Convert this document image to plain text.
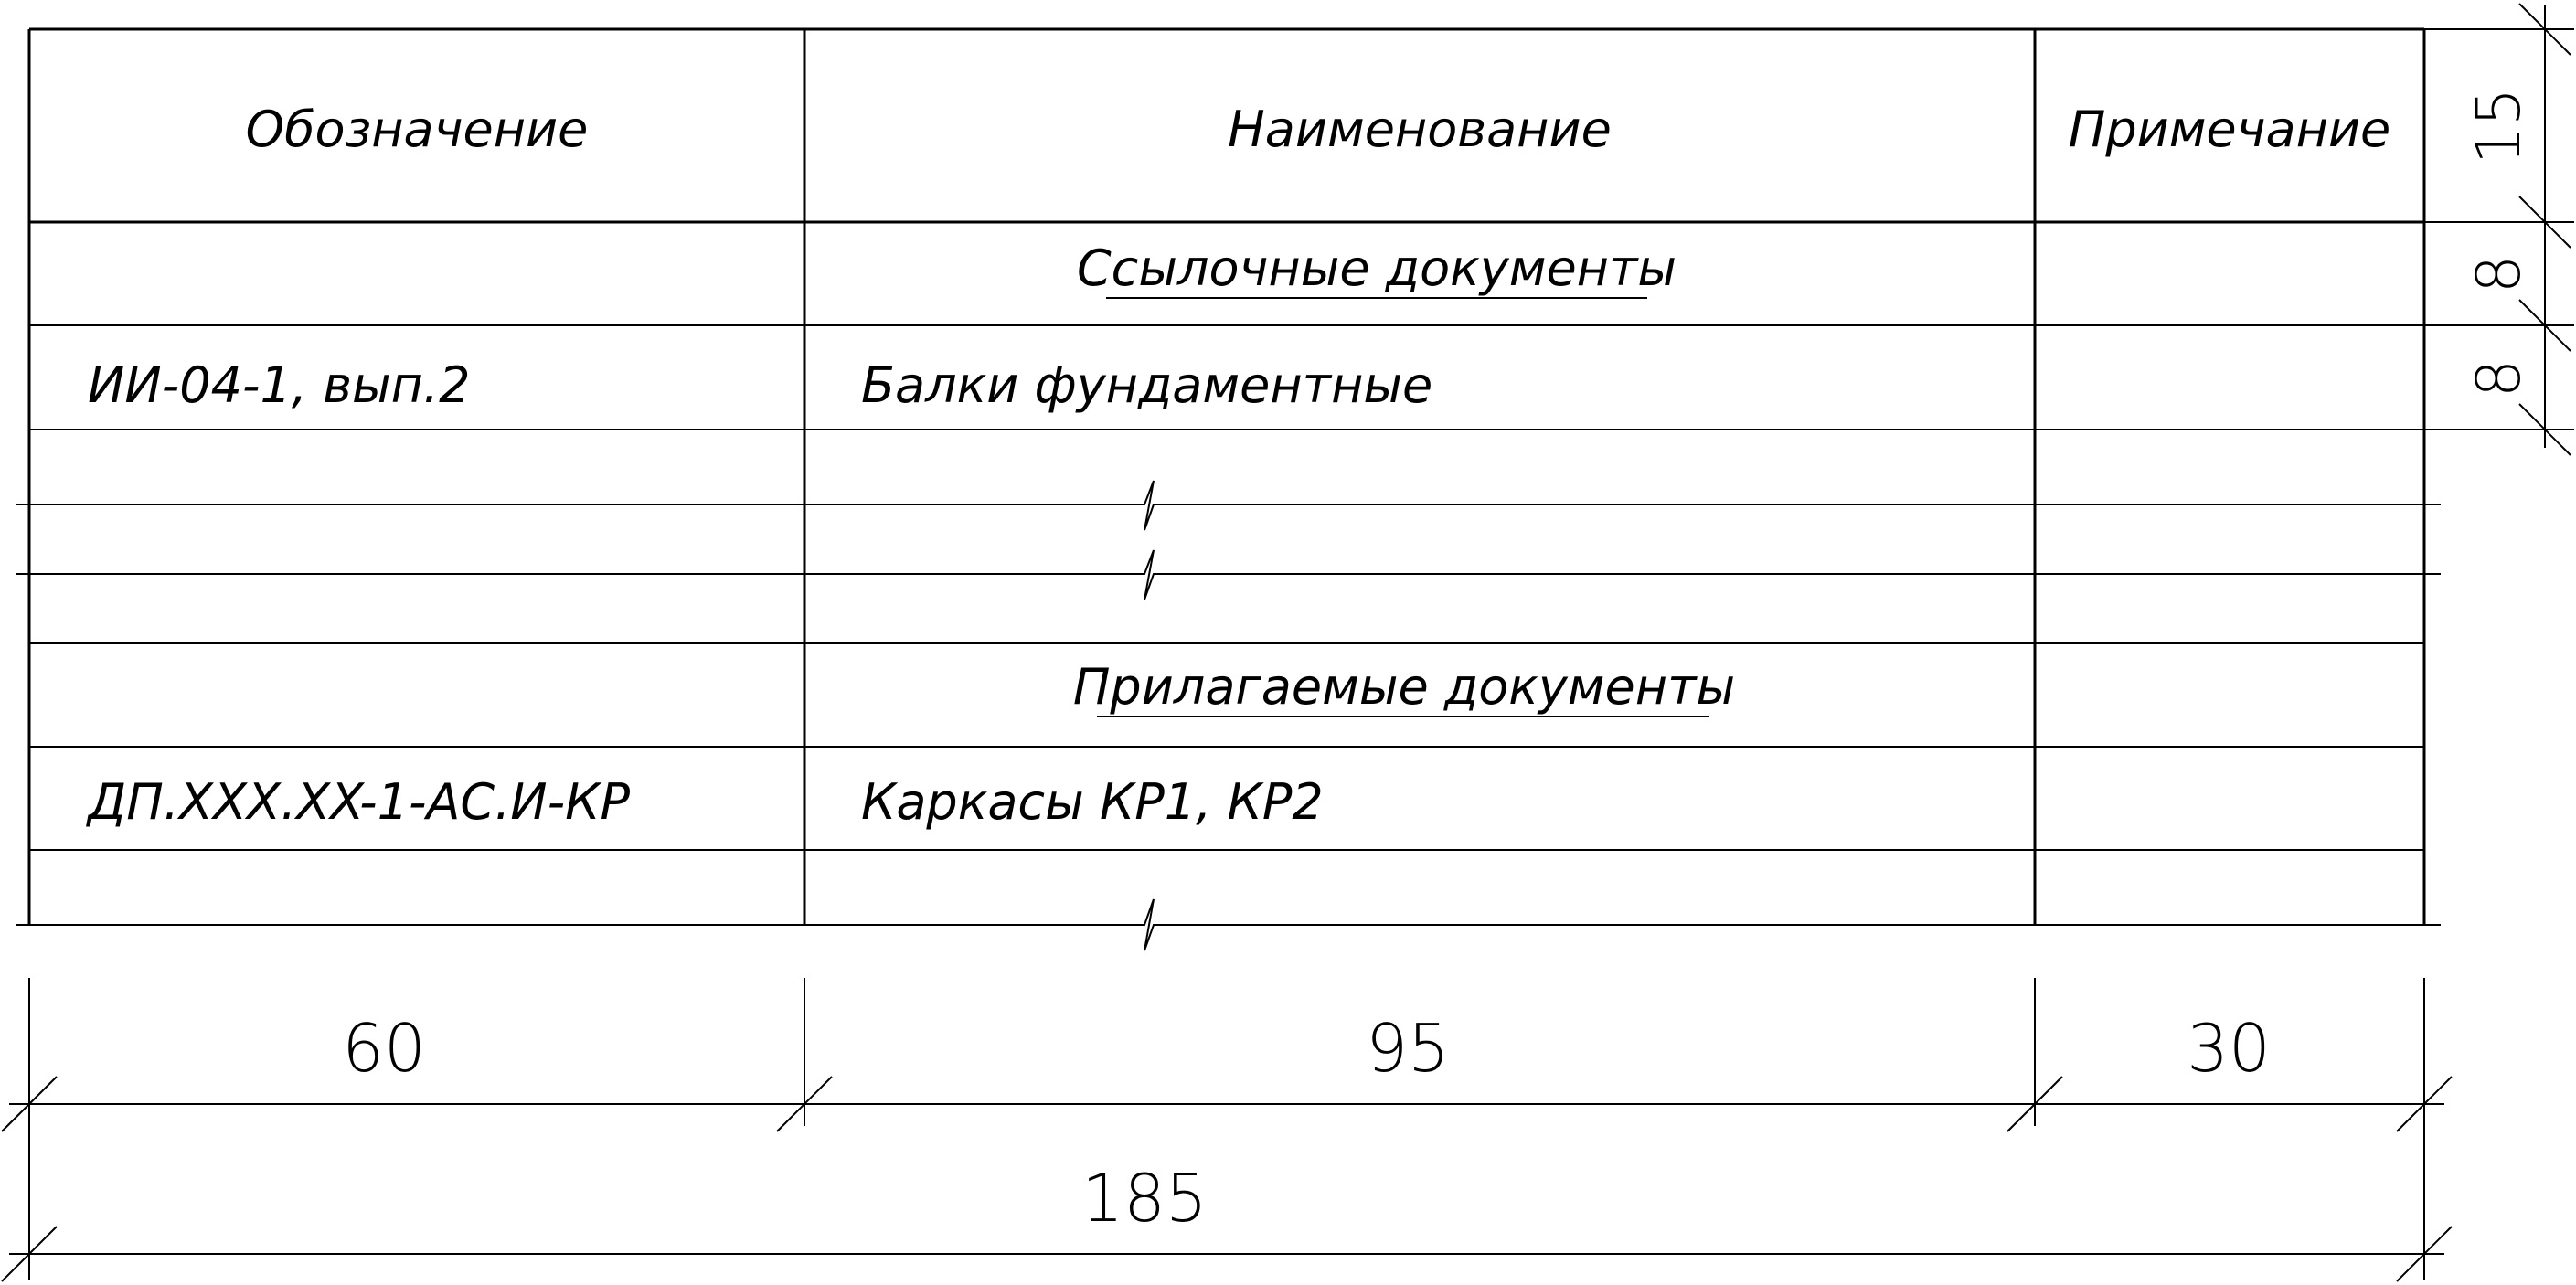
Обозначение	Наименование	Примечание
Ссылочные документы
ИИ-04-1, вып.2	Балки фундаментные
Прилагаемые документы
ДП.XXX.XX-1-АС.И-КР	Каркасы КР1, КР2
60	95	30
185
15
8
8
